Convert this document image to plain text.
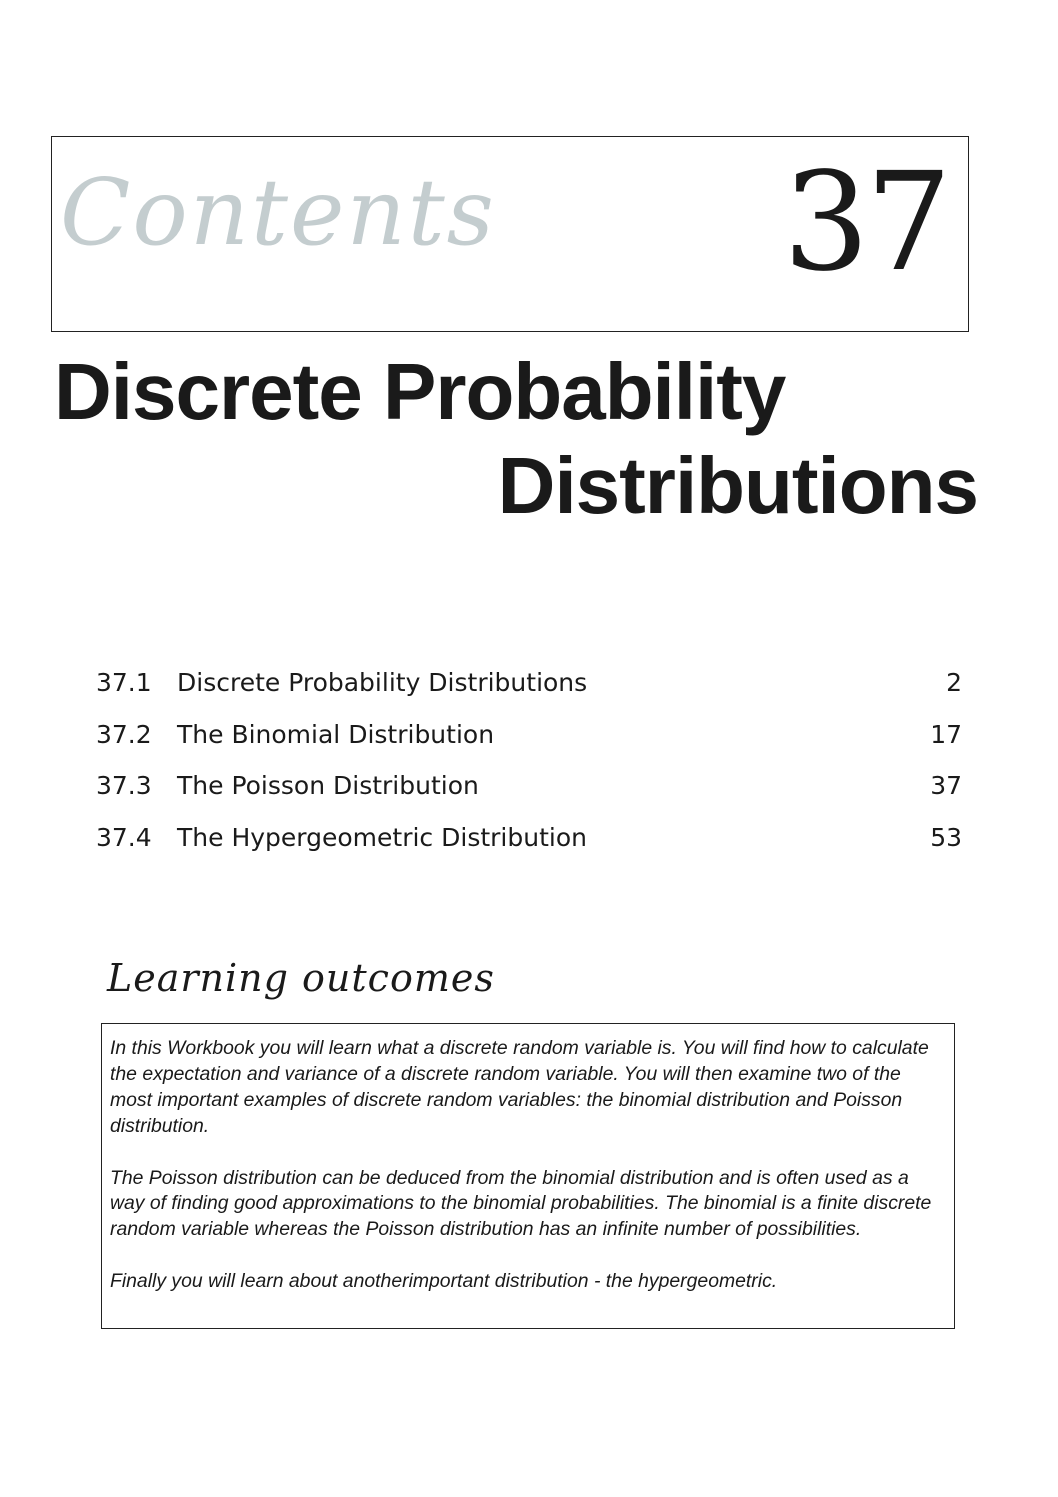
Contents 37
Discrete Probability
Distributions
37.1	Discrete Probability Distributions	2
37.2	The Binomial Distribution	17
37.3	The Poisson Distribution	37
37.4	The Hypergeometric Distribution	53
Learning outcomes

In this Workbook you will learn what a discrete random variable is. You will find how to calculate the expectation and variance of a discrete random variable. You will then examine two of the most important examples of discrete random variables: the binomial distribution and Poisson distribution.

The Poisson distribution can be deduced from the binomial distribution and is often used as a way of finding good approximations to the binomial probabilities. The binomial is a finite discrete random variable whereas the Poisson distribution has an infinite number of possibilities.

Finally you will learn about anotherimportant distribution - the hypergeometric.
